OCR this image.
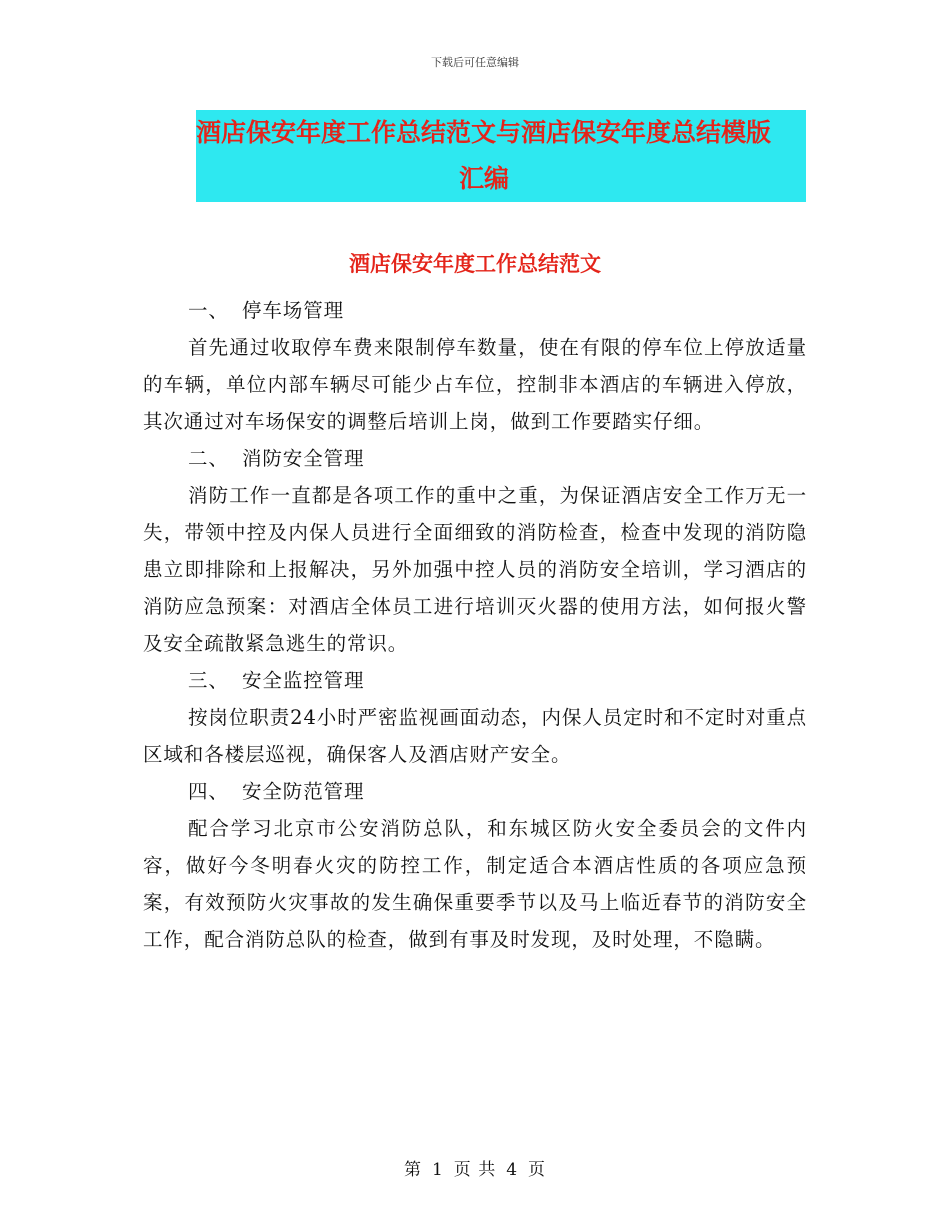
下载后可任意编辑
酒店保安年度工作总结范文与酒店保安年度总结模版
汇编
酒店保安年度工作总结范文
一、 停车场管理
首先通过收取停车费来限制停车数量，使在有限的停车位上停放适量的车辆，单位内部车辆尽可能少占车位，控制非本酒店的车辆进入停放，其次通过对车场保安的调整后培训上岗，做到工作要踏实仔细。
二、 消防安全管理
消防工作一直都是各项工作的重中之重，为保证酒店安全工作万无一失，带领中控及内保人员进行全面细致的消防检查，检查中发现的消防隐患立即排除和上报解决，另外加强中控人员的消防安全培训，学习酒店的消防应急预案：对酒店全体员工进行培训灭火器的使用方法，如何报火警及安全疏散紧急逃生的常识。
三、 安全监控管理
按岗位职责24小时严密监视画面动态，内保人员定时和不定时对重点区域和各楼层巡视，确保客人及酒店财产安全。
四、 安全防范管理
配合学习北京市公安消防总队，和东城区防火安全委员会的文件内容，做好今冬明春火灾的防控工作，制定适合本酒店性质的各项应急预案，有效预防火灾事故的发生确保重要季节以及马上临近春节的消防安全工作，配合消防总队的检查，做到有事及时发现，及时处理，不隐瞒。
第 1 页 共 4 页
